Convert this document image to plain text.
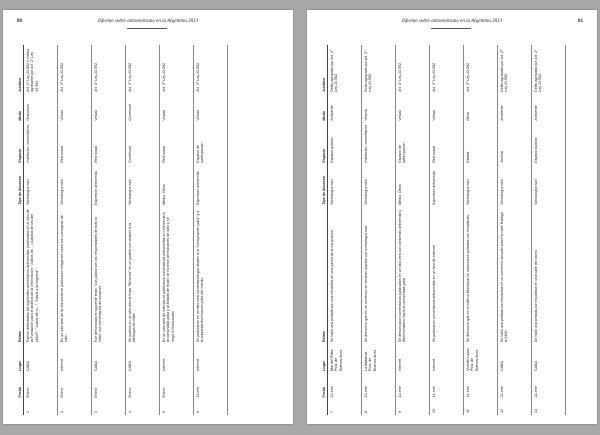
80	Informe sobre antisemitismo en la Argentina 2013
	Fecha	Lugar	Relato	Tipo de discurso	Espacio	Modo	Jurídico
1	Enero	CABA	Fueron detectados los siguientes comentarios antisemitas, publicados en el sitio de la Fundación para el análisis de la información: "Judíos de... ¿cuántos de los del judío?", "Judíos de m...", "Nazis a la hoguera".	Simbología nazi	Institución, comentarios	Oraciones	Art. 3° Ley 23.592 e indicio agravante por Art. 2° Ley 23.592.
2	Enero	Internet	En un sitio web de la red social se publicaron imágenes nazis con consignas de odio.	Simbología nazi	Red social	Virtual	Art. 3° Ley 23.592.
3	Enero	CABA	Fue denunciado el siguiente texto: "Los judíos son los responsables de todo lo malo" con comentarios de usuarios.	Expresión antisemita	Red social	Virtual	Art. 3° Ley 23.592.
4	Enero	CABA	Se publicó en un sitio web la frase "Mi lucha" en un posteo con alusión a la ideología de Hitler.	Simbología nazi	Comercial	Comercial	Art. 3° Ley 23.592.
5	Enero	Internet	En un sitio web de noticias se publicaron comentarios antisemitas en referencia a la comunidad judía y al Estado de Israel; se hicieron afirmaciones de odio y se negó el Holocausto.	Medio, Otros	Red social	Virtual	Art. 3° Ley 23.592.
6	11-ene	Internet	Se publicaron en un sitio web comentarios que aluden a la "conspiración judía" y a la supuesta dominación judía del mundo.	Expresión antisemita	Espacio de participación	Virtual	Art. 3° Ley 23.592.
Informe sobre antisemitismo en la Argentina 2013	81
	Fecha	Lugar	Relato	Tipo de discurso	Espacio	Modo	Jurídico
7	12-ene	Mar del Plata, Pcia. de Buenos Aires	Se halló una pintada con una esvástica en una pared de la vía pública.	Simbología nazi	Espacio público	Ambiente	Delito agravado por Art. 2° Ley 23.592.
8	13-ene	La Matanza, Pcia. de Buenos Aires	Se denunció que en un comercio se vendían objetos con simbología nazi.	Simbología nazi	Institución, comentarios	Vecinal	Ilícito agravado por Art. 2° Ley 23.592.
9	13-ene	Internet	Se denunciaron comentarios publicados en un sitio web con contenido antisemita y discriminatorio hacia la comunidad judía.	Medio, Otros	Espacio de participación	Virtual	Art. 3° Ley 23.592.
10	14-ene	Internet	Se publicaron comentarios antisemitas en un foro de internet.	Expresión antisemita	Red social	Virtual	Art. 3° Ley 23.592.
11	14-ene	Vicente López, Pcia. de Buenos Aires	Se denunció que en el edificio Municipal se observaron pintadas con esvásticas.	Simbología nazi	Estatal	Otros	Art. 3° Ley 23.592.
12	22-ene	CABA	Se halló una pintada con esvástica en un comercio ubicado sobre la calle Hidalgo al 1100.	Simbología nazi	Vecinal	Ambiente	Delito agravado por Art. 2° Ley 23.592.
13	22-ene	CABA	Se halló una pintada con esvástica en una calle del barrio.	Simbología nazi	Espacio público	Ambiente	Delito agravado por Art. 2° Ley 23.592.
